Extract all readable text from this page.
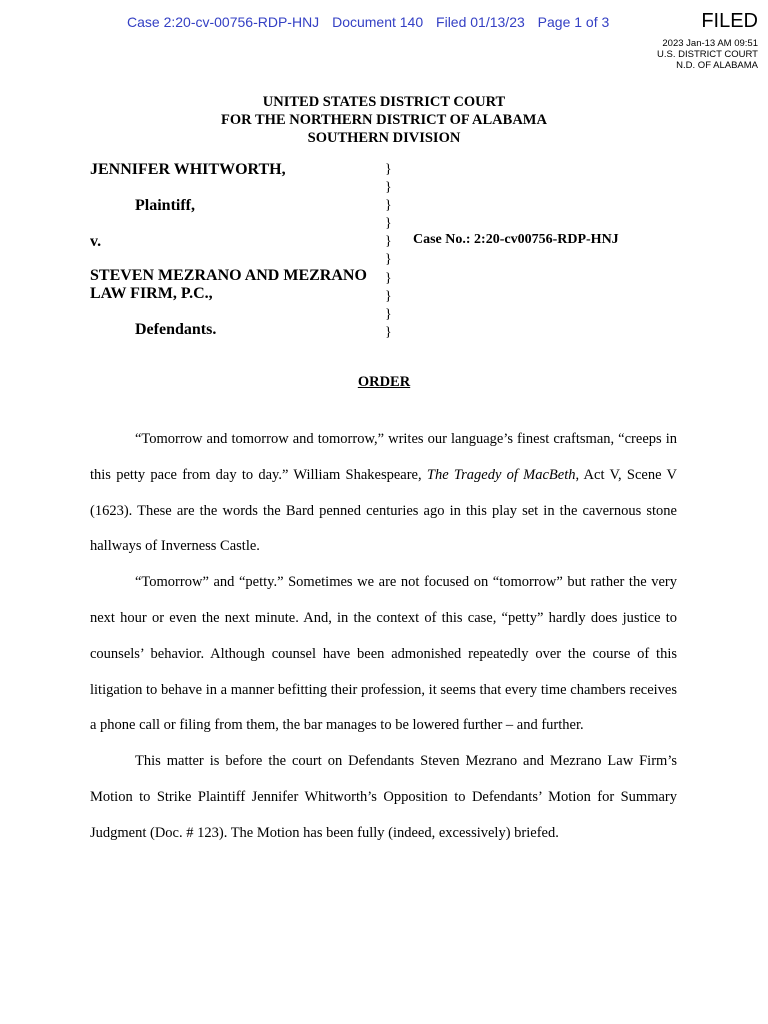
Case 2:20-cv-00756-RDP-HNJ Document 140 Filed 01/13/23 Page 1 of 3	FILED
2023 Jan-13 AM 09:51
U.S. DISTRICT COURT
N.D. OF ALABAMA
UNITED STATES DISTRICT COURT
FOR THE NORTHERN DISTRICT OF ALABAMA
SOUTHERN DIVISION
JENNIFER WHITWORTH,
Plaintiff,
v.
STEVEN MEZRANO AND MEZRANO
LAW FIRM, P.C.,
Defendants.
}
}
}
}
}
}
}
}
}
}
Case No.: 2:20-cv00756-RDP-HNJ
ORDER

“Tomorrow and tomorrow and tomorrow,” writes our language’s finest craftsman, “creeps in this petty pace from day to day.” William Shakespeare, The Tragedy of MacBeth, Act V, Scene V (1623). These are the words the Bard penned centuries ago in this play set in the cavernous stone hallways of Inverness Castle.

“Tomorrow” and “petty.” Sometimes we are not focused on “tomorrow” but rather the very next hour or even the next minute. And, in the context of this case, “petty” hardly does justice to counsels’ behavior. Although counsel have been admonished repeatedly over the course of this litigation to behave in a manner befitting their profession, it seems that every time chambers receives a phone call or filing from them, the bar manages to be lowered further – and further.

This matter is before the court on Defendants Steven Mezrano and Mezrano Law Firm’s Motion to Strike Plaintiff Jennifer Whitworth’s Opposition to Defendants’ Motion for Summary Judgment (Doc. # 123). The Motion has been fully (indeed, excessively) briefed.
